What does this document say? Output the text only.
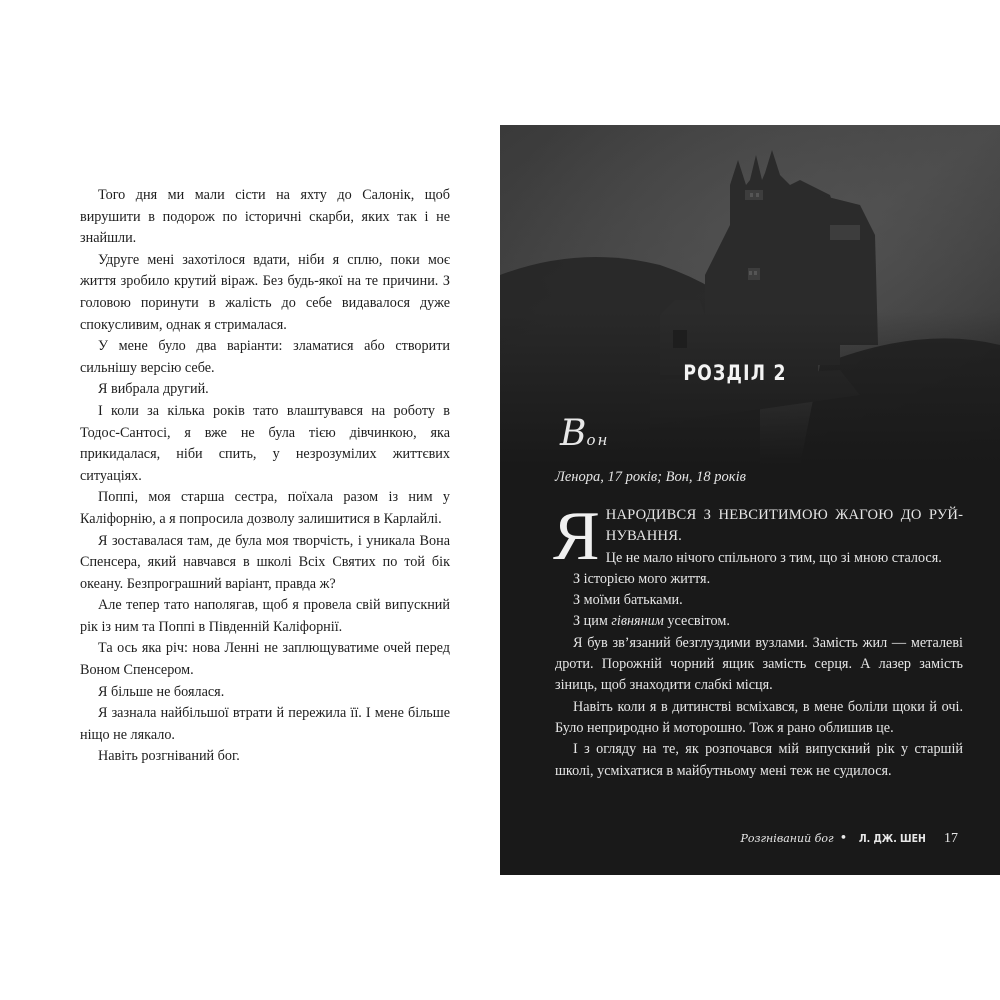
Того дня ми мали сісти на яхту до Салонік, щоб вирушити в подорож по історичні скарби, яких так і не знайшли.

Удруге мені захотілося вдати, ніби я сплю, поки моє життя зробило крутий віраж. Без будь-якої на те причини. З головою поринути в жалість до себе видавалося дуже спокусливим, однак я стрималася.

У мене було два варіанти: зламатися або створити сильнішу версію себе.

Я вибрала другий.

І коли за кілька років тато влаштувався на роботу в Тодос-Сантосі, я вже не була тією дівчинкою, яка прикидалася, ніби спить, у незрозумілих життєвих ситуаціях.

Поппі, моя старша сестра, поїхала разом із ним у Каліфорнію, а я попросила дозволу залишитися в Карлайлі.

Я зоставалася там, де була моя творчість, і уникала Вона Спенсера, який навчався в школі Всіх Святих по той бік океану. Безпрограшний варіант, правда ж?

Але тепер тато наполягав, щоб я провела свій випускний рік із ним та Поппі в Південній Каліфорнії.

Та ось яка річ: нова Ленні не заплющуватиме очей перед Воном Спенсером.

Я більше не боялася.

Я зазнала найбільшої втрати й пережила її. І мене більше ніщо не лякало.

Навіть розгніваний бог.

РОЗДІЛ 2
Вон
Ленора, 17 років; Вон, 18 років

Я НАРОДИВСЯ З НЕВСИТИМОЮ ЖАГОЮ ДО РУЙНУВАННЯ.

Це не мало нічого спільного з тим, що зі мною сталося.

З історією мого життя.

З моїми батьками.

З цим гівняним усесвітом.

Я був зв’язаний безглуздими вузлами. Замість жил — металеві дроти. Порожній чорний ящик замість серця. А лазер замість зіниць, щоб знаходити слабкі місця.

Навіть коли я в дитинстві всміхався, в мене боліли щоки й очі. Було неприродно й моторошно. Тож я рано облишив це.

І з огляду на те, як розпочався мій випускний рік у старшій школі, усміхатися в майбутньому мені теж не судилося.

Розгніваний бог • Л. ДЖ. ШЕН 17
